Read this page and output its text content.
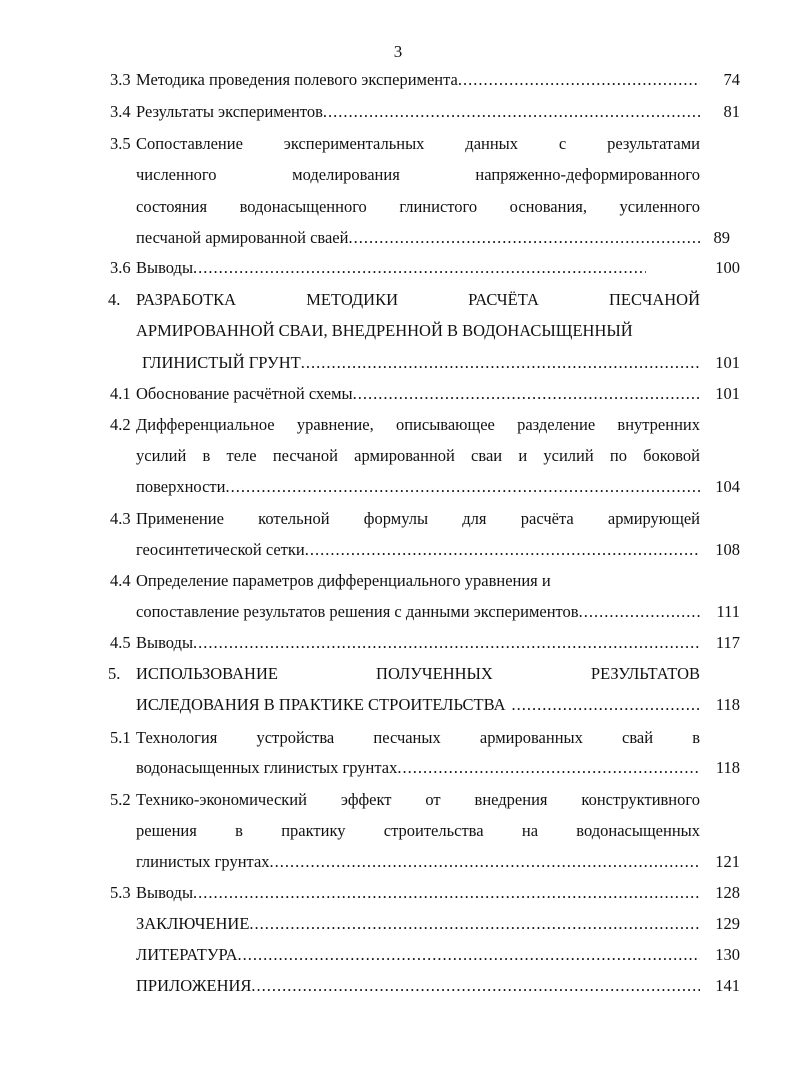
3
3.3 Методика проведения полевого эксперимента .....	74
3.4 Результаты экспериментов .....	81
3.5 Сопоставление экспериментальных данных с результатами
численного моделирования напряженно-деформированного
состояния водонасыщенного глинистого основания, усиленного
песчаной армированной сваей .....	89
3.6 Выводы .....	100
4. РАЗРАБОТКА МЕТОДИКИ РАСЧЁТА ПЕСЧАНОЙ
АРМИРОВАННОЙ СВАИ, ВНЕДРЕННОЙ В ВОДОНАСЫЩЕННЫЙ
ГЛИНИСТЫЙ ГРУНТ .....	101
4.1 Обоснование расчётной схемы .....	101
4.2 Дифференциальное уравнение, описывающее разделение внутренних
усилий в теле песчаной армированной сваи и усилий по боковой
поверхности .....	104
4.3 Применение котельной формулы для расчёта армирующей
геосинтетической сетки .....	108
4.4 Определение параметров дифференциального уравнения и
сопоставление результатов решения с данными экспериментов .....	111
4.5 Выводы .....	117
5. ИСПОЛЬЗОВАНИЕ ПОЛУЧЕННЫХ РЕЗУЛЬТАТОВ
ИСЛЕДОВАНИЯ В ПРАКТИКЕ СТРОИТЕЛЬСТВА .....	118
5.1 Технология устройства песчаных армированных свай в
водонасыщенных глинистых грунтах .....	118
5.2 Технико-экономический эффект от внедрения конструктивного
решения в практику строительства на водонасыщенных
глинистых грунтах .....	121
5.3 Выводы .....	128
ЗАКЛЮЧЕНИЕ .....	129
ЛИТЕРАТУРА .....	130
ПРИЛОЖЕНИЯ .....	141
